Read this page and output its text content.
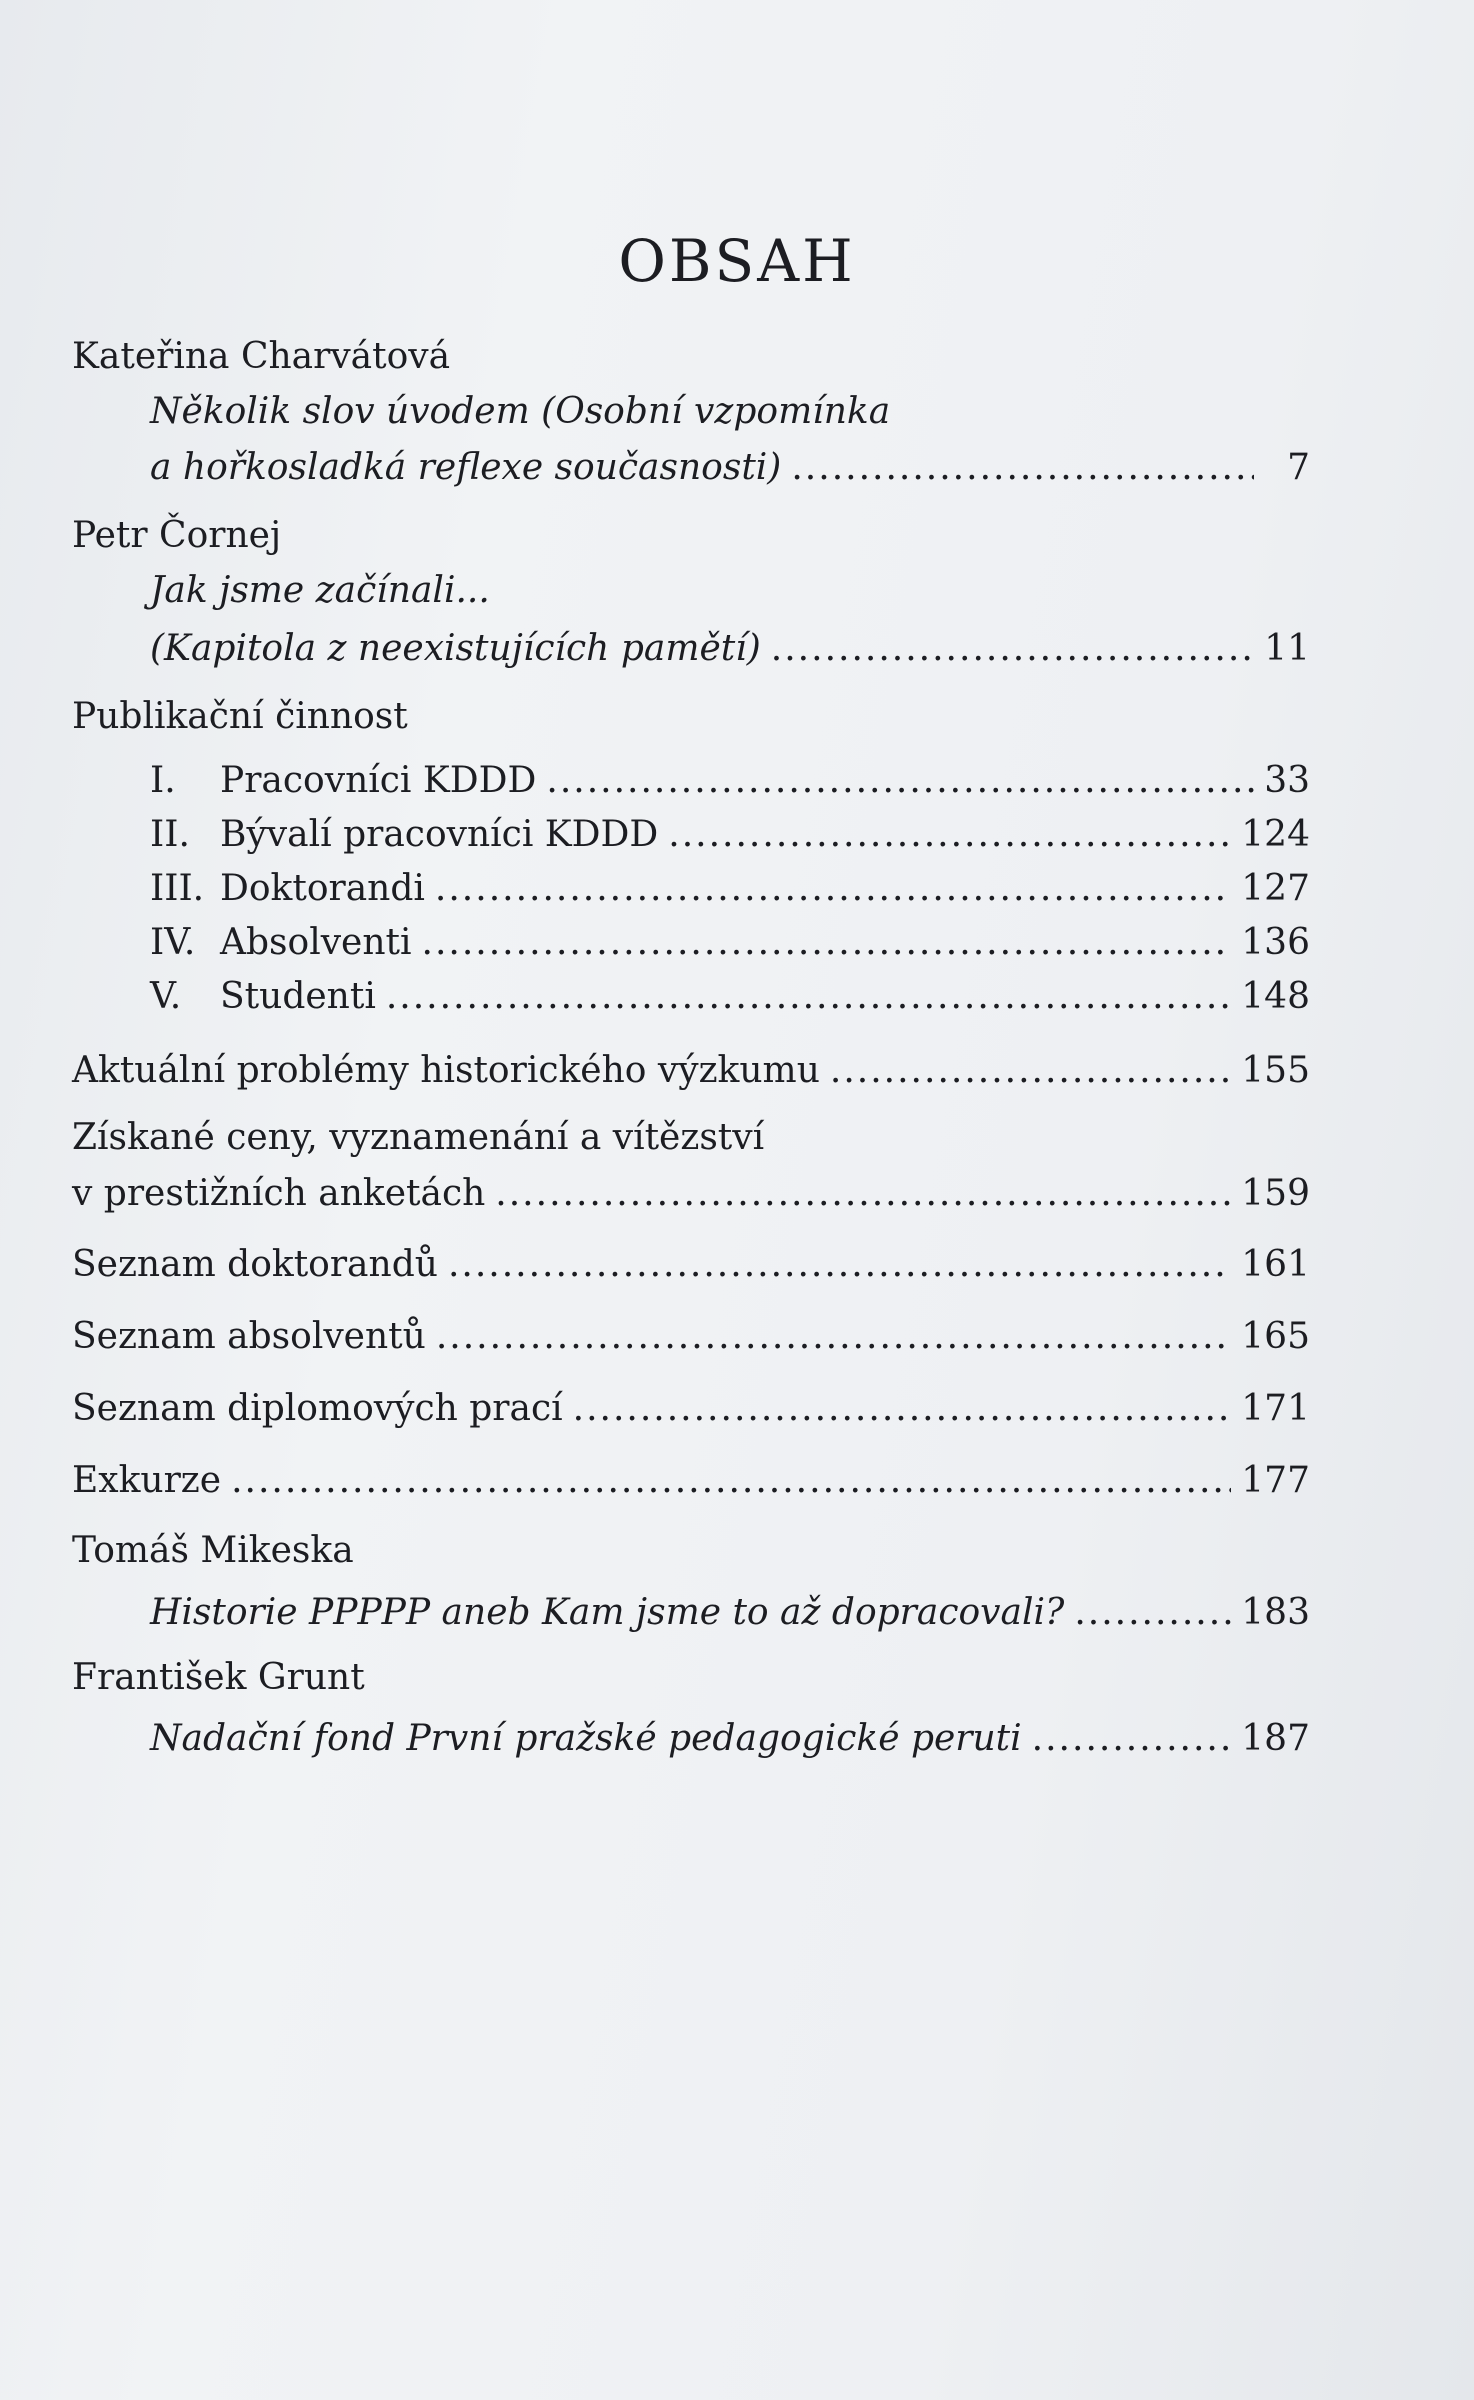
OBSAH
Kateřina Charvátová
Několik slov úvodem (Osobní vzpomínka
a hořkosladká reflexe současnosti) .....	7
Petr Čornej
Jak jsme začínali...
(Kapitola z neexistujících pamětí) .....	11
Publikační činnost
I. Pracovníci KDDD .....	33
II. Bývalí pracovníci KDDD .....	124
III. Doktorandi .....	127
IV. Absolventi .....	136
V. Studenti .....	148
Aktuální problémy historického výzkumu .....	155
Získané ceny, vyznamenání a vítězství
v prestižních anketách .....	159
Seznam doktorandů .....	161
Seznam absolventů .....	165
Seznam diplomových prací .....	171
Exkurze .....	177
Tomáš Mikeska
Historie PPPPP aneb Kam jsme to až dopracovali? .....	183
František Grunt
Nadační fond První pražské pedagogické peruti .....	187
